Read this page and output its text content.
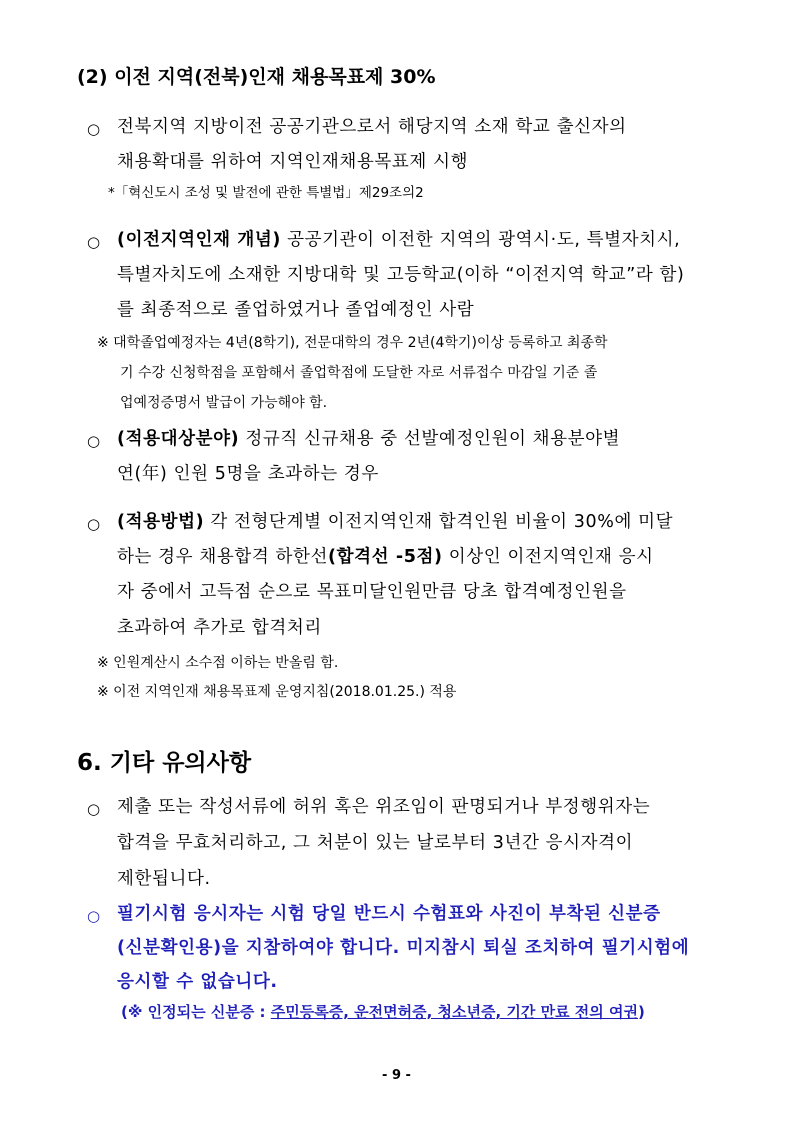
(2) 이전 지역(전북)인재 채용목표제 30%
○ 전북지역 지방이전 공공기관으로서 해당지역 소재 학교 출신자의
채용확대를 위하여 지역인재채용목표제 시행
*「혁신도시 조성 및 발전에 관한 특별법」제29조의2
○ (이전지역인재 개념) 공공기관이 이전한 지역의 광역시·도, 특별자치시,
특별자치도에 소재한 지방대학 및 고등학교(이하 “이전지역 학교”라 함)
를 최종적으로 졸업하였거나 졸업예정인 사람
※ 대학졸업예정자는 4년(8학기), 전문대학의 경우 2년(4학기)이상 등록하고 최종학
기 수강 신청학점을 포함해서 졸업학점에 도달한 자로 서류접수 마감일 기준 졸
업예정증명서 발급이 가능해야 함.
○ (적용대상분야) 정규직 신규채용 중 선발예정인원이 채용분야별
연(年) 인원 5명을 초과하는 경우
○ (적용방법) 각 전형단계별 이전지역인재 합격인원 비율이 30%에 미달
하는 경우 채용합격 하한선(합격선 -5점) 이상인 이전지역인재 응시
자 중에서 고득점 순으로 목표미달인원만큼 당초 합격예정인원을
초과하여 추가로 합격처리
※ 인원계산시 소수점 이하는 반올림 함.
※ 이전 지역인재 채용목표제 운영지침(2018.01.25.) 적용
6. 기타 유의사항
○ 제출 또는 작성서류에 허위 혹은 위조임이 판명되거나 부정행위자는
합격을 무효처리하고, 그 처분이 있는 날로부터 3년간 응시자격이
제한됩니다.
○ 필기시험 응시자는 시험 당일 반드시 수험표와 사진이 부착된 신분증
(신분확인용)을 지참하여야 합니다. 미지참시 퇴실 조치하여 필기시험에
응시할 수 없습니다.
(※ 인정되는 신분증 : 주민등록증, 운전면허증, 청소년증, 기간 만료 전의 여권)
- 9 -
